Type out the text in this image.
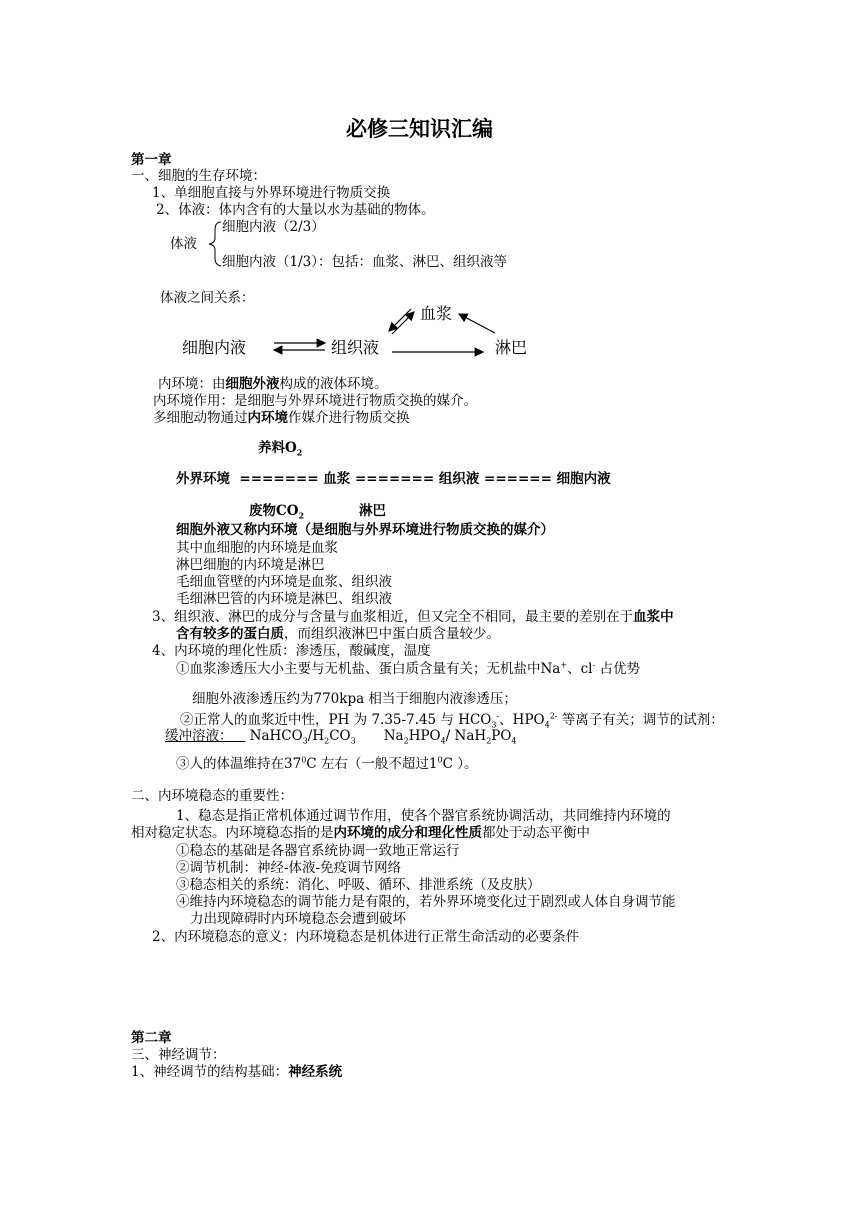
必修三知识汇编
第一章
一、细胞的生存环境：
1、单细胞直接与外界环境进行物质交换
2、体液：体内含有的大量以水为基础的物体。
体液
细胞内液（2/3）
细胞内液（1/3）：包括：血浆、淋巴、组织液等
体液之间关系：
血浆
细胞内液	组织液	淋巴
内环境：由细胞外液构成的液体环境。
内环境作用：是细胞与外界环境进行物质交换的媒介。
多细胞动物通过内环境作媒介进行物质交换
养料$O_2$
外界环境  ======= 血浆 ======= 组织液 ====== 细胞内液
废物$CO_2$	淋巴
细胞外液又称内环境（是细胞与外界环境进行物质交换的媒介）
其中血细胞的内环境是血浆
淋巴细胞的内环境是淋巴
毛细血管壁的内环境是血浆、组织液
毛细淋巴管的内环境是淋巴、组织液
3、组织液、淋巴的成分与含量与血浆相近，但又完全不相同，最主要的差别在于血浆中
含有较多的蛋白质，而组织液淋巴中蛋白质含量较少。
4、内环境的理化性质：渗透压，酸碱度，温度
①血浆渗透压大小主要与无机盐、蛋白质含量有关；无机盐中Na+、cl- 占优势
细胞外液渗透压约为770kpa 相当于细胞内液渗透压；
②正常人的血浆近中性，PH 为 7.35-7.45 与 $HCO_3^-$、$HPO_4^{2-}$ 等离子有关；调节的试剂：
缓冲溶液： $NaHCO_3/H_2CO_3$ $Na_2HPO_4/$ $NaH_2PO_4$
③人的体温维持在$37^0C$ 左右（一般不超过$1^0C$ ）。
二、内环境稳态的重要性：
1、稳态是指正常机体通过调节作用，使各个器官系统协调活动，共同维持内环境的
相对稳定状态。内环境稳态指的是内环境的成分和理化性质都处于动态平衡中
①稳态的基础是各器官系统协调一致地正常运行
②调节机制：神经-体液-免疫调节网络
③稳态相关的系统：消化、呼吸、循环、排泄系统（及皮肤）
④维持内环境稳态的调节能力是有限的，若外界环境变化过于剧烈或人体自身调节能
力出现障碍时内环境稳态会遭到破坏
2、内环境稳态的意义：内环境稳态是机体进行正常生命活动的必要条件
第二章
三、神经调节：
1、神经调节的结构基础：神经系统
